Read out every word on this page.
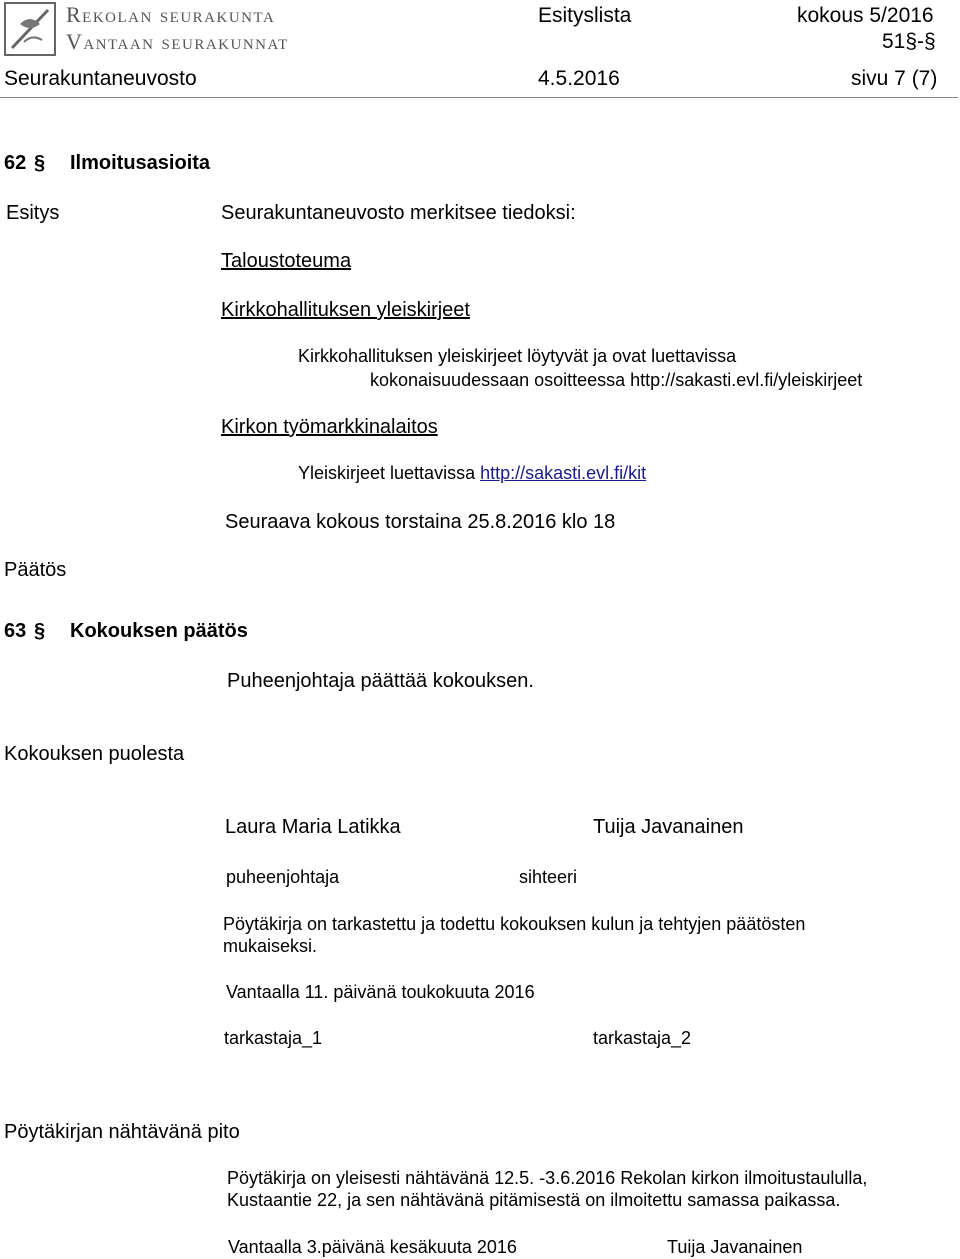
Rekolan seurakunta
Vantaan seurakunnat
Esityslista	kokous 5/2016
51§-§
Seurakuntaneuvosto	4.5.2016	sivu 7 (7)
62 § Ilmoitusasioita
Esitys	Seurakuntaneuvosto merkitsee tiedoksi:
Taloustoteuma
Kirkkohallituksen yleiskirjeet
Kirkkohallituksen yleiskirjeet löytyvät ja ovat luettavissa
kokonaisuudessaan osoitteessa http://sakasti.evl.fi/yleiskirjeet
Kirkon työmarkkinalaitos
Yleiskirjeet luettavissa http://sakasti.evl.fi/kit
Seuraava kokous torstaina 25.8.2016 klo 18
Päätös
63 § Kokouksen päätös
Puheenjohtaja päättää kokouksen.
Kokouksen puolesta
Laura Maria Latikka	Tuija Javanainen
puheenjohtaja	sihteeri
Pöytäkirja on tarkastettu ja todettu kokouksen kulun ja tehtyjen päätösten mukaiseksi.
Vantaalla 11. päivänä toukokuuta 2016
tarkastaja_1	tarkastaja_2
Pöytäkirjan nähtävänä pito
Pöytäkirja on yleisesti nähtävänä 12.5. -3.6.2016 Rekolan kirkon ilmoitustaululla, Kustaantie 22, ja sen nähtävänä pitämisestä on ilmoitettu samassa paikassa.
Vantaalla 3.päivänä kesäkuuta 2016	Tuija Javanainen
